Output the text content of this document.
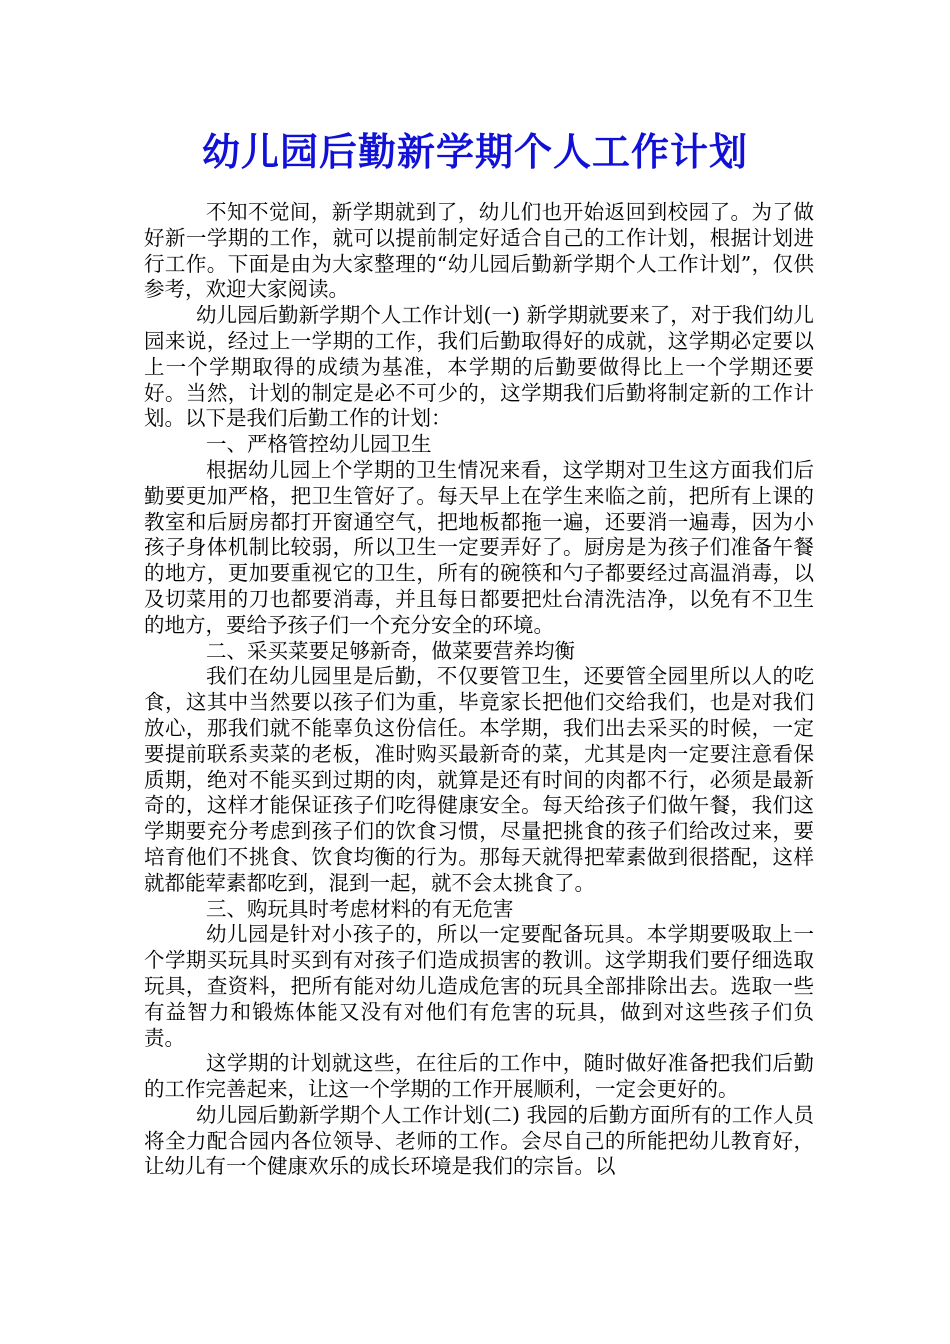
幼儿园后勤新学期个人工作计划

不知不觉间，新学期就到了，幼儿们也开始返回到校园了。为了做好新一学期的工作，就可以提前制定好适合自己的工作计划，根据计划进行工作。下面是由为大家整理的“幼儿园后勤新学期个人工作计划”，仅供参考，欢迎大家阅读。

幼儿园后勤新学期个人工作计划(一) 新学期就要来了，对于我们幼儿园来说，经过上一学期的工作，我们后勤取得好的成就，这学期必定要以上一个学期取得的成绩为基准，本学期的后勤要做得比上一个学期还要好。当然，计划的制定是必不可少的，这学期我们后勤将制定新的工作计划。以下是我们后勤工作的计划：

一、严格管控幼儿园卫生

根据幼儿园上个学期的卫生情况来看，这学期对卫生这方面我们后勤要更加严格，把卫生管好了。每天早上在学生来临之前，把所有上课的教室和后厨房都打开窗通空气，把地板都拖一遍，还要消一遍毒，因为小孩子身体机制比较弱，所以卫生一定要弄好了。厨房是为孩子们准备午餐的地方，更加要重视它的卫生，所有的碗筷和勺子都要经过高温消毒，以及切菜用的刀也都要消毒，并且每日都要把灶台清洗洁净，以免有不卫生的地方，要给予孩子们一个充分安全的环境。

二、采买菜要足够新奇，做菜要营养均衡

我们在幼儿园里是后勤，不仅要管卫生，还要管全园里所以人的吃食，这其中当然要以孩子们为重，毕竟家长把他们交给我们，也是对我们放心，那我们就不能辜负这份信任。本学期，我们出去采买的时候，一定要提前联系卖菜的老板，准时购买最新奇的菜，尤其是肉一定要注意看保质期，绝对不能买到过期的肉，就算是还有时间的肉都不行，必须是最新奇的，这样才能保证孩子们吃得健康安全。每天给孩子们做午餐，我们这学期要充分考虑到孩子们的饮食习惯，尽量把挑食的孩子们给改过来，要培育他们不挑食、饮食均衡的行为。那每天就得把荤素做到很搭配，这样就都能荤素都吃到，混到一起，就不会太挑食了。

三、购玩具时考虑材料的有无危害

幼儿园是针对小孩子的，所以一定要配备玩具。本学期要吸取上一个学期买玩具时买到有对孩子们造成损害的教训。这学期我们要仔细选取玩具，查资料，把所有能对幼儿造成危害的玩具全部排除出去。选取一些有益智力和锻炼体能又没有对他们有危害的玩具，做到对这些孩子们负责。

这学期的计划就这些，在往后的工作中，随时做好准备把我们后勤的工作完善起来，让这一个学期的工作开展顺利，一定会更好的。

幼儿园后勤新学期个人工作计划(二) 我园的后勤方面所有的工作人员将全力配合园内各位领导、老师的工作。会尽自己的所能把幼儿教育好，让幼儿有一个健康欢乐的成长环境是我们的宗旨。以
